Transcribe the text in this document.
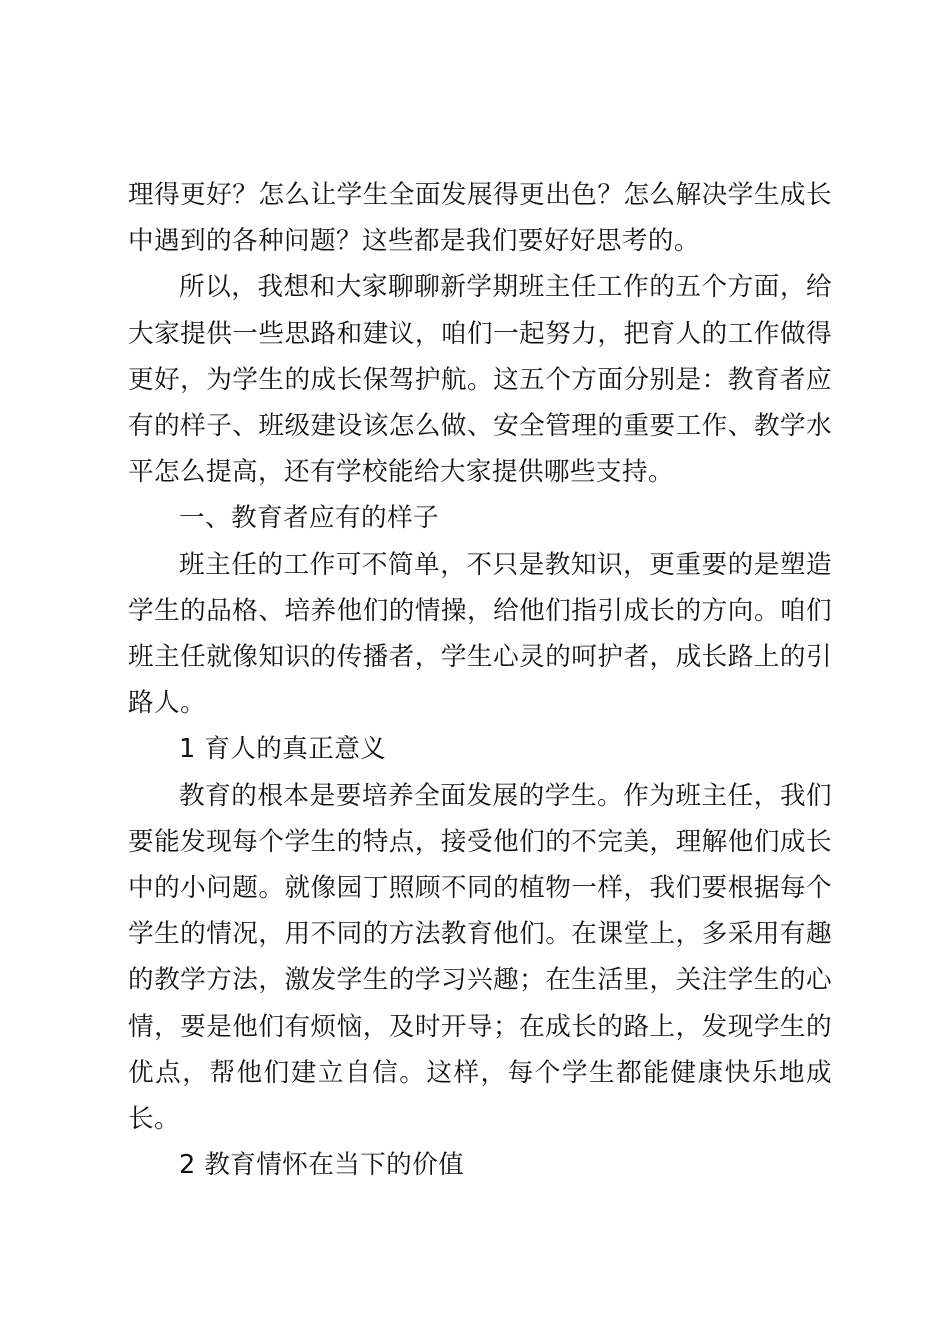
理得更好？怎么让学生全面发展得更出色？怎么解决学生成长中遇到的各种问题？这些都是我们要好好思考的。

所以，我想和大家聊聊新学期班主任工作的五个方面，给大家提供一些思路和建议，咱们一起努力，把育人的工作做得更好，为学生的成长保驾护航。这五个方面分别是：教育者应有的样子、班级建设该怎么做、安全管理的重要工作、教学水平怎么提高，还有学校能给大家提供哪些支持。

一、教育者应有的样子

班主任的工作可不简单，不只是教知识，更重要的是塑造学生的品格、培养他们的情操，给他们指引成长的方向。咱们班主任就像知识的传播者，学生心灵的呵护者，成长路上的引路人。

1 育人的真正意义

教育的根本是要培养全面发展的学生。作为班主任，我们要能发现每个学生的特点，接受他们的不完美，理解他们成长中的小问题。就像园丁照顾不同的植物一样，我们要根据每个学生的情况，用不同的方法教育他们。在课堂上，多采用有趣的教学方法，激发学生的学习兴趣；在生活里，关注学生的心情，要是他们有烦恼，及时开导；在成长的路上，发现学生的优点，帮他们建立自信。这样，每个学生都能健康快乐地成长。

2 教育情怀在当下的价值
